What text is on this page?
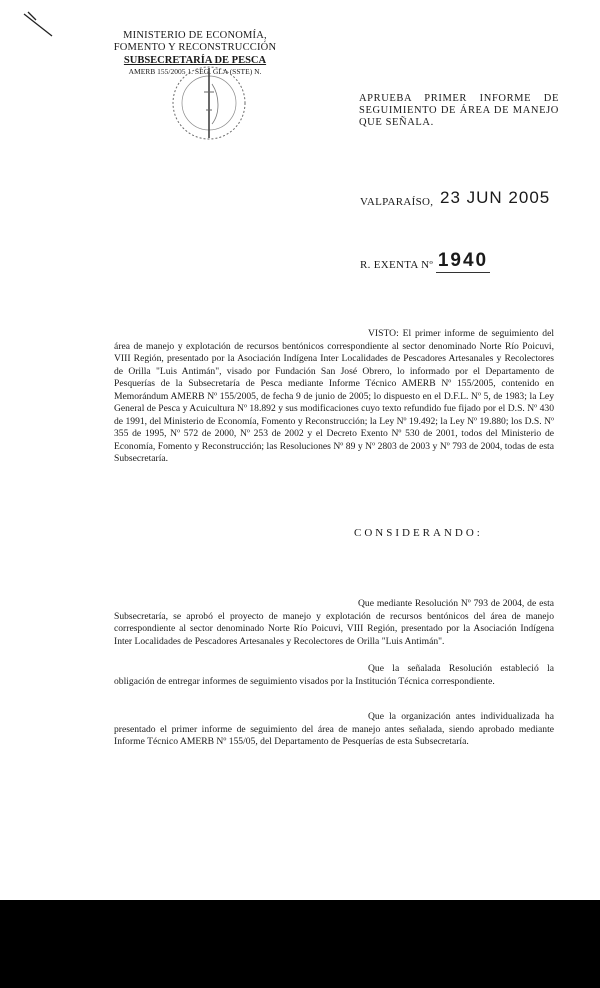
MINISTERIO DE ECONOMÍA,
FOMENTO Y RECONSTRUCCIÓN
SUBSECRETARÍA DE PESCA
AMERB 155/2005 1. SEG. GLA (SSTE) N.
APRUEBA PRIMER INFORME DE
SEGUIMIENTO DE ÁREA DE MANEJO
QUE SEÑALA.
VALPARAÍSO, 23 JUN 2005
R. EXENTA Nº 1940
VISTO: El primer informe de seguimiento del área de manejo y explotación de recursos bentónicos correspondiente al sector denominado Norte Río Poicuvi, VIII Región, presentado por la Asociación Indígena Inter Localidades de Pescadores Artesanales y Recolectores de Orilla "Luis Antimán", visado por Fundación San José Obrero, lo informado por el Departamento de Pesquerías de la Subsecretaría de Pesca mediante Informe Técnico AMERB Nº 155/2005, contenido en Memorándum AMERB Nº 155/2005, de fecha 9 de junio de 2005; lo dispuesto en el D.F.L. Nº 5, de 1983; la Ley General de Pesca y Acuicultura Nº 18.892 y sus modificaciones cuyo texto refundido fue fijado por el D.S. Nº 430 de 1991, del Ministerio de Economía, Fomento y Reconstrucción; la Ley Nº 19.492; la Ley Nº 19.880; los D.S. Nº 355 de 1995, Nº 572 de 2000, Nº 253 de 2002 y el Decreto Exento Nº 530 de 2001, todos del Ministerio de Economía, Fomento y Reconstrucción; las Resoluciones Nº 89 y Nº 2803 de 2003 y Nº 793 de 2004, todas de esta Subsecretaría.
CONSIDERANDO:
Que mediante Resolución Nº 793 de 2004, de esta Subsecretaría, se aprobó el proyecto de manejo y explotación de recursos bentónicos del área de manejo correspondiente al sector denominado Norte Río Poicuvi, VIII Región, presentado por la Asociación Indígena Inter Localidades de Pescadores Artesanales y Recolectores de Orilla "Luis Antimán".
Que la señalada Resolución estableció la obligación de entregar informes de seguimiento visados por la Institución Técnica correspondiente.
Que la organización antes individualizada ha presentado el primer informe de seguimiento del área de manejo antes señalada, siendo aprobado mediante Informe Técnico AMERB Nº 155/05, del Departamento de Pesquerías de esta Subsecretaría.
